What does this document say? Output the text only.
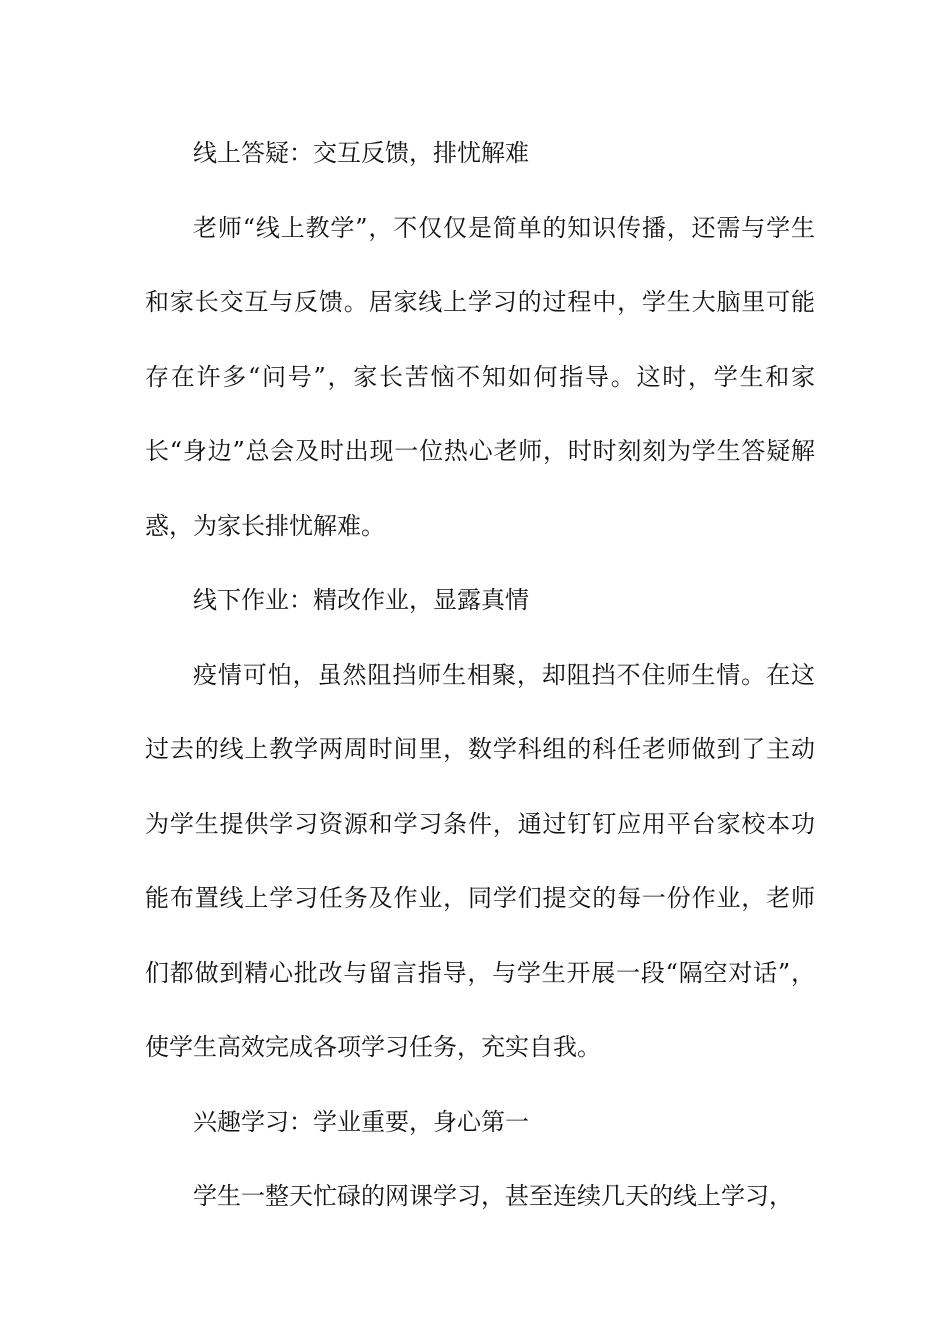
线上答疑：交互反馈，排忧解难

老师“线上教学”，不仅仅是简单的知识传播，还需与学生和家长交互与反馈。居家线上学习的过程中，学生大脑里可能存在许多“问号”，家长苦恼不知如何指导。这时，学生和家长“身边”总会及时出现一位热心老师，时时刻刻为学生答疑解惑，为家长排忧解难。

线下作业：精改作业，显露真情

疫情可怕，虽然阻挡师生相聚，却阻挡不住师生情。在这过去的线上教学两周时间里，数学科组的科任老师做到了主动为学生提供学习资源和学习条件，通过钉钉应用平台家校本功能布置线上学习任务及作业，同学们提交的每一份作业，老师们都做到精心批改与留言指导，与学生开展一段“隔空对话”，使学生高效完成各项学习任务，充实自我。

兴趣学习：学业重要，身心第一

学生一整天忙碌的网课学习，甚至连续几天的线上学习，
